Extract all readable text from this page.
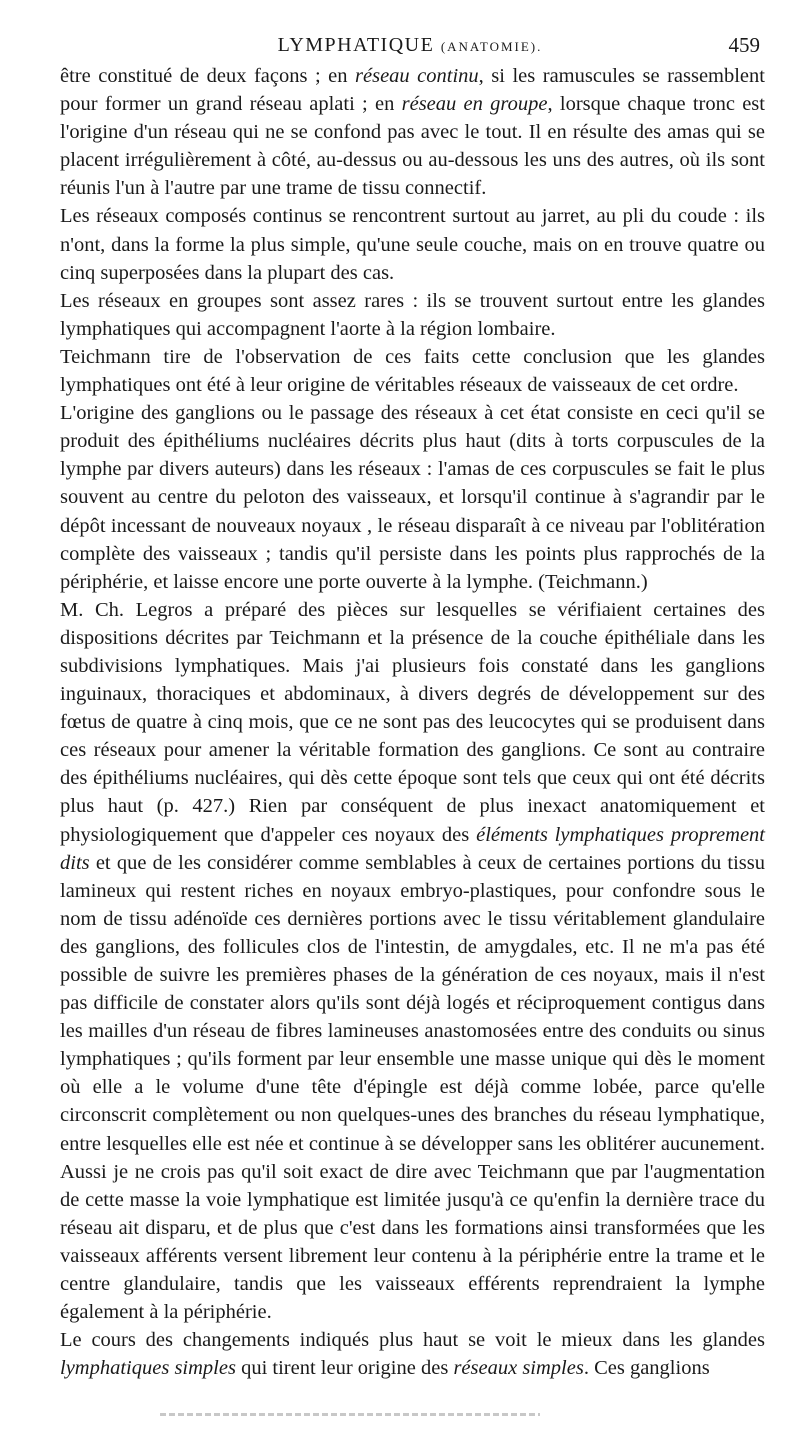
LYMPHATIQUE (ANATOMIE).	459

être constitué de deux façons ; en réseau continu, si les ramuscules se rassemblent pour former un grand réseau aplati ; en réseau en groupe, lorsque chaque tronc est l'origine d'un réseau qui ne se confond pas avec le tout. Il en résulte des amas qui se placent irrégulièrement à côté, au-dessus ou au-dessous les uns des autres, où ils sont réunis l'un à l'autre par une trame de tissu connectif.

Les réseaux composés continus se rencontrent surtout au jarret, au pli du coude : ils n'ont, dans la forme la plus simple, qu'une seule couche, mais on en trouve quatre ou cinq superposées dans la plupart des cas.

Les réseaux en groupes sont assez rares : ils se trouvent surtout entre les glandes lymphatiques qui accompagnent l'aorte à la région lombaire.

Teichmann tire de l'observation de ces faits cette conclusion que les glandes lymphatiques ont été à leur origine de véritables réseaux de vaisseaux de cet ordre.

L'origine des ganglions ou le passage des réseaux à cet état consiste en ceci qu'il se produit des épithéliums nucléaires décrits plus haut (dits à torts corpuscules de la lymphe par divers auteurs) dans les réseaux : l'amas de ces corpuscules se fait le plus souvent au centre du peloton des vaisseaux, et lorsqu'il continue à s'agrandir par le dépôt incessant de nouveaux noyaux , le réseau disparaît à ce niveau par l'oblitération complète des vaisseaux ; tandis qu'il persiste dans les points plus rapprochés de la périphérie, et laisse encore une porte ouverte à la lymphe. (Teichmann.)

M. Ch. Legros a préparé des pièces sur lesquelles se vérifiaient certaines des dispositions décrites par Teichmann et la présence de la couche épithéliale dans les subdivisions lymphatiques. Mais j'ai plusieurs fois constaté dans les ganglions inguinaux, thoraciques et abdominaux, à divers degrés de développement sur des fœtus de quatre à cinq mois, que ce ne sont pas des leucocytes qui se produisent dans ces réseaux pour amener la véritable formation des ganglions. Ce sont au contraire des épithéliums nucléaires, qui dès cette époque sont tels que ceux qui ont été décrits plus haut (p. 427.) Rien par conséquent de plus inexact anatomiquement et physiologiquement que d'appeler ces noyaux des éléments lymphatiques proprement dits et que de les considérer comme semblables à ceux de certaines portions du tissu lamineux qui restent riches en noyaux embryo-plastiques, pour confondre sous le nom de tissu adénoïde ces dernières portions avec le tissu véritablement glandulaire des ganglions, des follicules clos de l'intestin, de amygdales, etc. Il ne m'a pas été possible de suivre les premières phases de la génération de ces noyaux, mais il n'est pas difficile de constater alors qu'ils sont déjà logés et réciproquement contigus dans les mailles d'un réseau de fibres lamineuses anastomosées entre des conduits ou sinus lymphatiques ; qu'ils forment par leur ensemble une masse unique qui dès le moment où elle a le volume d'une tête d'épingle est déjà comme lobée, parce qu'elle circonscrit complètement ou non quelques-unes des branches du réseau lymphatique, entre lesquelles elle est née et continue à se développer sans les oblitérer aucunement. Aussi je ne crois pas qu'il soit exact de dire avec Teichmann que par l'augmentation de cette masse la voie lymphatique est limitée jusqu'à ce qu'enfin la dernière trace du réseau ait disparu, et de plus que c'est dans les formations ainsi transformées que les vaisseaux afférents versent librement leur contenu à la périphérie entre la trame et le centre glandulaire, tandis que les vaisseaux efférents reprendraient la lymphe également à la périphérie.

Le cours des changements indiqués plus haut se voit le mieux dans les glandes lymphatiques simples qui tirent leur origine des réseaux simples. Ces ganglions
